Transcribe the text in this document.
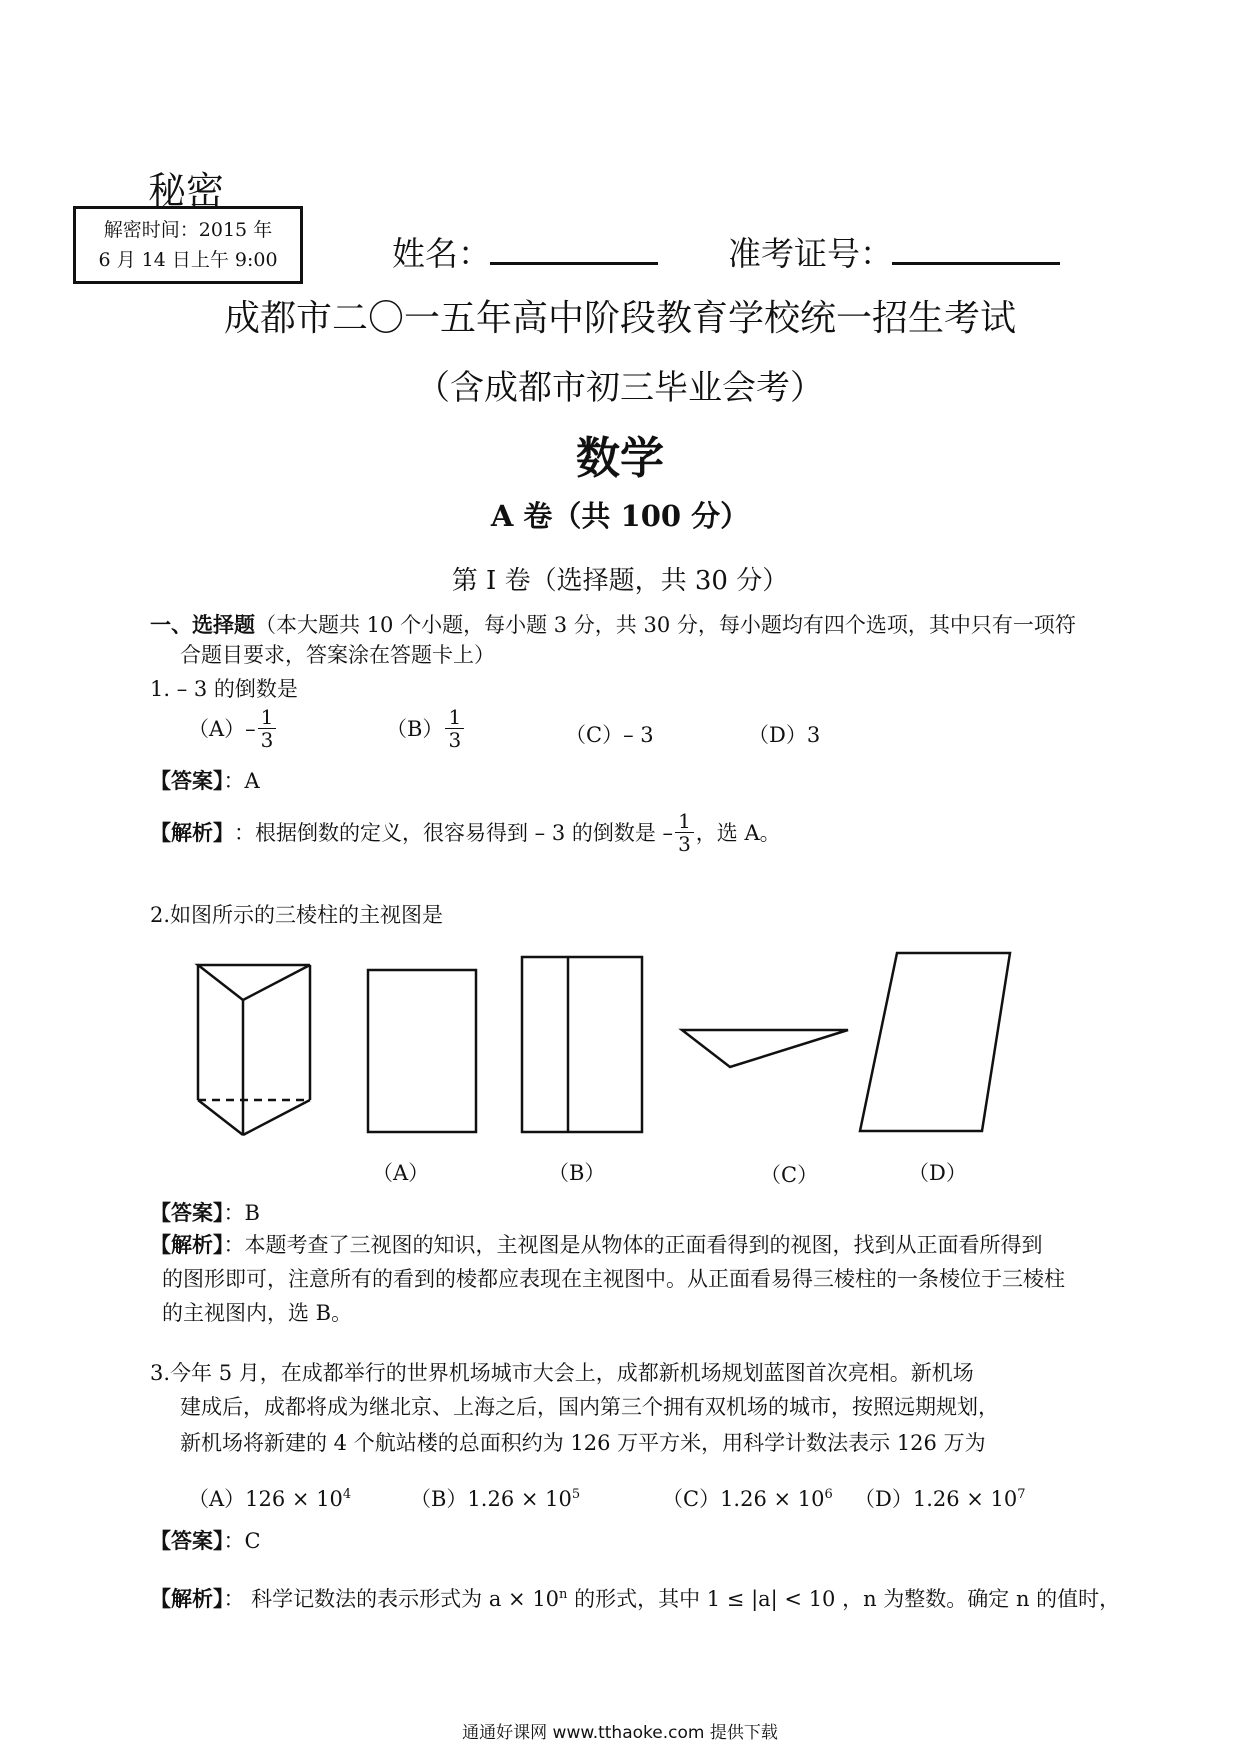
秘密
解密时间：2015 年
6 月 14 日上午 9:00	姓名：	准考证号：
成都市二〇一五年高中阶段教育学校统一招生考试
（含成都市初三毕业会考）
数学
A 卷（共 100 分）
第 I 卷（选择题，共 30 分）
一、选择题（本大题共 10 个小题，每小题 3 分，共 30 分，每小题均有四个选项，其中只有一项符
合题目要求，答案涂在答题卡上）
1. – 3 的倒数是
$(A)- \frac{1}{3}$	$(B) \frac{1}{3}$	（C）– 3	（D）3
【答案】：A
【解析】 ：根据倒数的定义，很容易得到 – 3 的倒数是 – $\frac{1}{3}$ ，选 A。
2.如图所示的三棱柱的主视图是
（A）	（B）	（C）	（D）
【答案】：B
【解析】：本题考查了三视图的知识，主视图是从物体的正面看得到的视图，找到从正面看所得到
的图形即可，注意所有的看到的棱都应表现在主视图中。从正面看易得三棱柱的一条棱位于三棱柱
的主视图内，选 B。
3.今年 5 月，在成都举行的世界机场城市大会上，成都新机场规划蓝图首次亮相。新机场
建成后，成都将成为继北京、上海之后，国内第三个拥有双机场的城市，按照远期规划，
新机场将新建的 4 个航站楼的总面积约为 126 万平方米，用科学计数法表示 126 万为
$(A)126 \times 10^4$	$(B)1.26 \times 10^5$	$(C)1.26 \times 10^6$ $(D)1.26 \times 10^7$
【答案】：C
【解析】： 科学记数法的表示形式为 $a \times 10^n$ 的形式，其中 1 ≤ |a| < 10 ，n 为整数。确定 n 的值时，
通通好课网 www.tthaoke.com 提供下载
